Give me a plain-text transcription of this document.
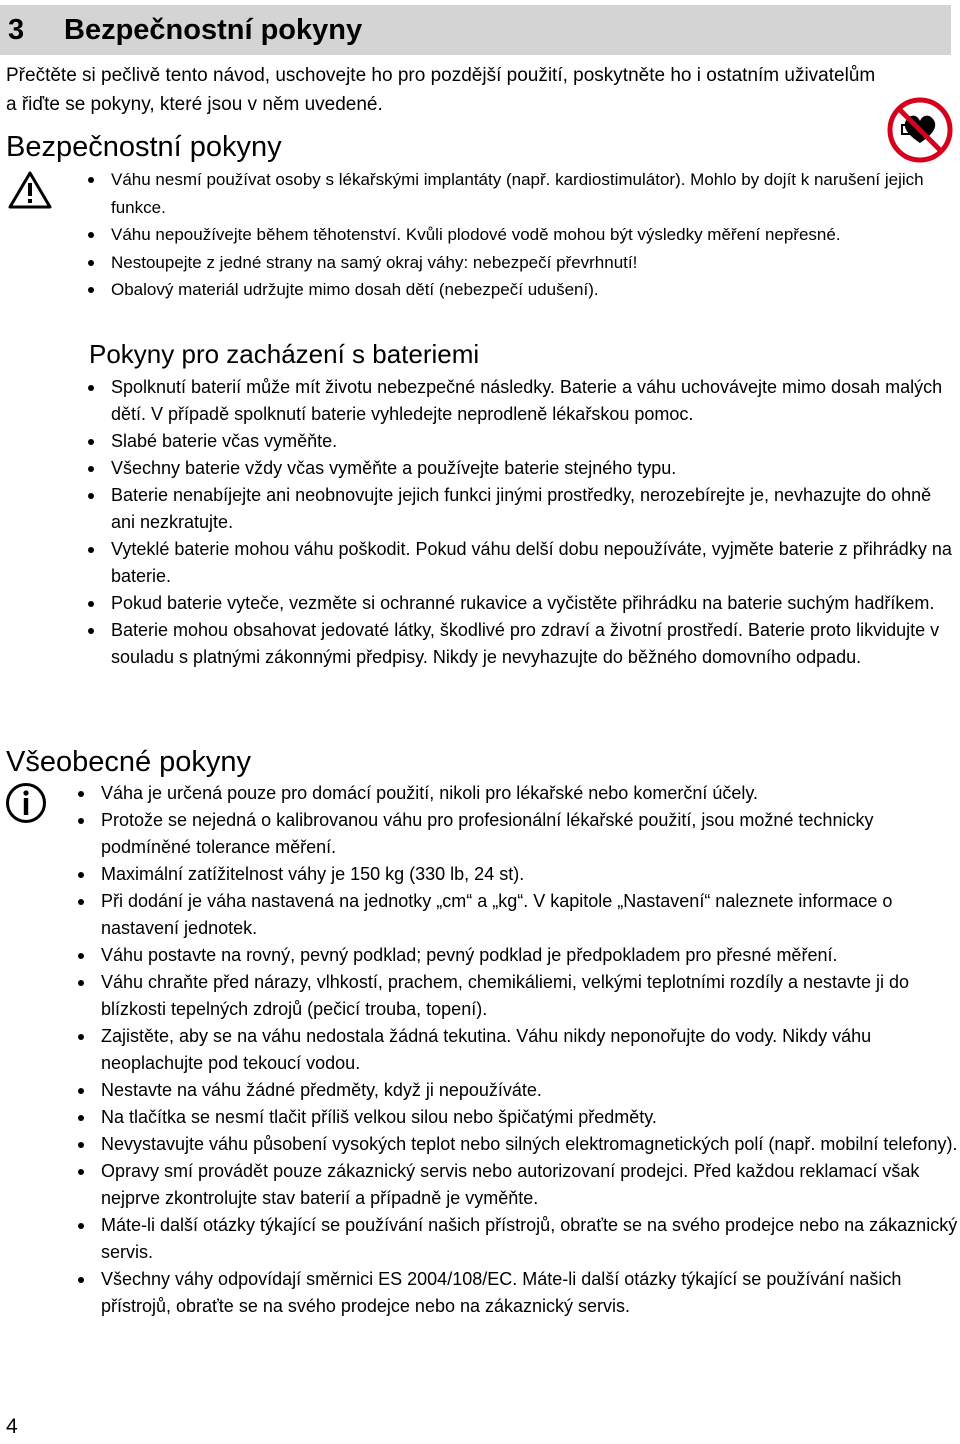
3	Bezpečnostní pokyny
Přečtěte si pečlivě tento návod, uschovejte ho pro pozdější použití, poskytněte ho i ostatním uživatelům a řiďte se pokyny, které jsou v něm uvedené.
Bezpečnostní pokyny
Váhu nesmí používat osoby s lékařskými implantáty (např. kardiostimulátor). Mohlo by dojít k narušení jejich funkce.
Váhu nepoužívejte během těhotenství. Kvůli plodové vodě mohou být výsledky měření nepřesné.
Nestoupejte z jedné strany na samý okraj váhy: nebezpečí převrhnutí!
Obalový materiál udržujte mimo dosah dětí (nebezpečí udušení).
Pokyny pro zacházení s bateriemi
Spolknutí baterií může mít životu nebezpečné následky. Baterie a váhu uchovávejte mimo dosah malých dětí. V případě spolknutí baterie vyhledejte neprodleně lékařskou pomoc.
Slabé baterie včas vyměňte.
Všechny baterie vždy včas vyměňte a používejte baterie stejného typu.
Baterie nenabíjejte ani neobnovujte jejich funkci jinými prostředky, nerozebírejte je, nevhazujte do ohně ani nezkratujte.
Vyteklé baterie mohou váhu poškodit. Pokud váhu delší dobu nepoužíváte, vyjměte baterie z přihrádky na baterie.
Pokud baterie vyteče, vezměte si ochranné rukavice a vyčistěte přihrádku na baterie suchým hadříkem.
Baterie mohou obsahovat jedovaté látky, škodlivé pro zdraví a životní prostředí. Baterie proto likvidujte v souladu s platnými zákonnými předpisy. Nikdy je nevyhazujte do běžného domovního odpadu.
Všeobecné pokyny
Váha je určená pouze pro domácí použití, nikoli pro lékařské nebo komerční účely.
Protože se nejedná o kalibrovanou váhu pro profesionální lékařské použití, jsou možné technicky podmíněné tolerance měření.
Maximální zatížitelnost váhy je 150 kg (330 lb, 24 st).
Při dodání je váha nastavená na jednotky „cm“ a „kg“. V kapitole „Nastavení“ naleznete informace o nastavení jednotek.
Váhu postavte na rovný, pevný podklad; pevný podklad je předpokladem pro přesné měření.
Váhu chraňte před nárazy, vlhkostí, prachem, chemikáliemi, velkými teplotními rozdíly a nestavte ji do blízkosti tepelných zdrojů (pečicí trouba, topení).
Zajistěte, aby se na váhu nedostala žádná tekutina. Váhu nikdy neponořujte do vody. Nikdy váhu neoplachujte pod tekoucí vodou.
Nestavte na váhu žádné předměty, když ji nepoužíváte.
Na tlačítka se nesmí tlačit příliš velkou silou nebo špičatými předměty.
Nevystavujte váhu působení vysokých teplot nebo silných elektromagnetických polí (např. mobilní telefony).
Opravy smí provádět pouze zákaznický servis nebo autorizovaní prodejci. Před každou reklamací však nejprve zkontrolujte stav baterií a případně je vyměňte.
Máte-li další otázky týkající se používání našich přístrojů, obraťte se na svého prodejce nebo na zákaznický servis.
Všechny váhy odpovídají směrnici ES 2004/108/EC. Máte-li další otázky týkající se používání našich přístrojů, obraťte se na svého prodejce nebo na zákaznický servis.
4
